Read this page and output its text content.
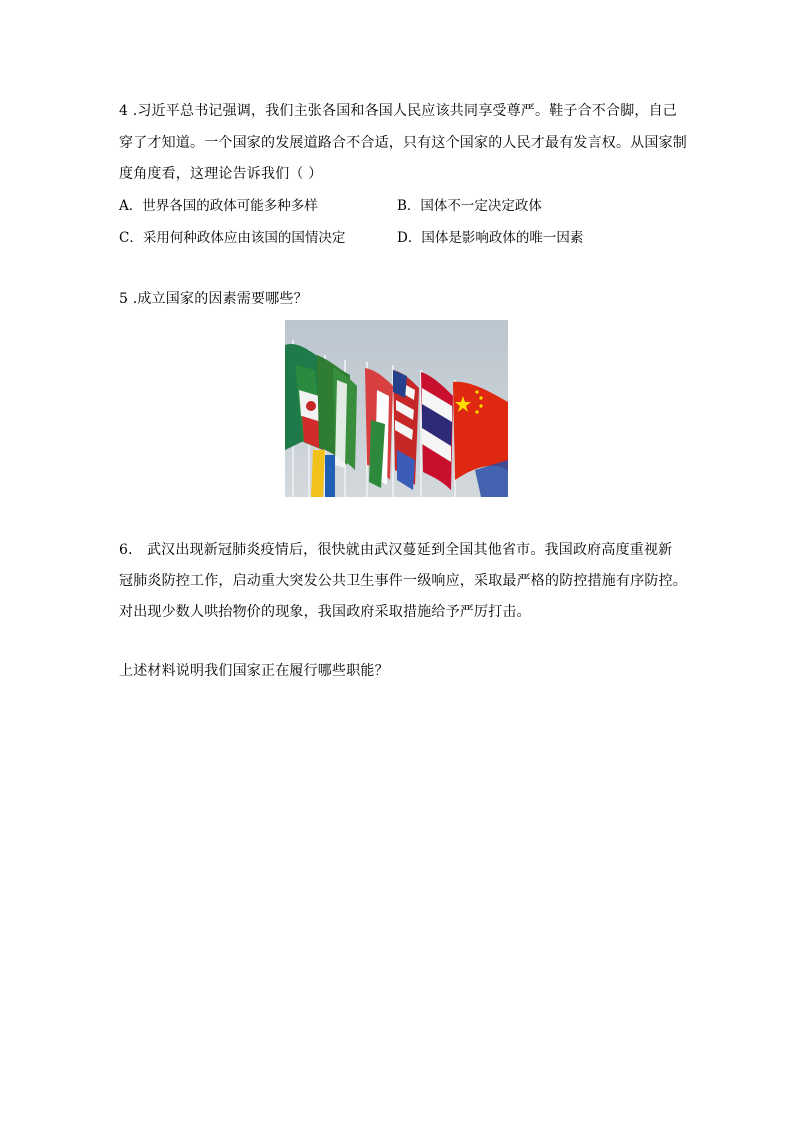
4 .习近平总书记强调，我们主张各国和各国人民应该共同享受尊严。鞋子合不合脚，自己
穿了才知道。一个国家的发展道路合不合适，只有这个国家的人民才最有发言权。从国家制
度角度看，这理论告诉我们（ ）
A．世界各国的政体可能多种多样	B．国体不一定决定政体
C．采用何种政体应由该国的国情决定	D．国体是影响政体的唯一因素
5 .成立国家的因素需要哪些？
6． 武汉出现新冠肺炎疫情后，很快就由武汉蔓延到全国其他省市。我国政府高度重视新
冠肺炎防控工作，启动重大突发公共卫生事件一级响应，采取最严格的防控措施有序防控。
对出现少数人哄抬物价的现象，我国政府采取措施给予严厉打击。
上述材料说明我们国家正在履行哪些职能？
